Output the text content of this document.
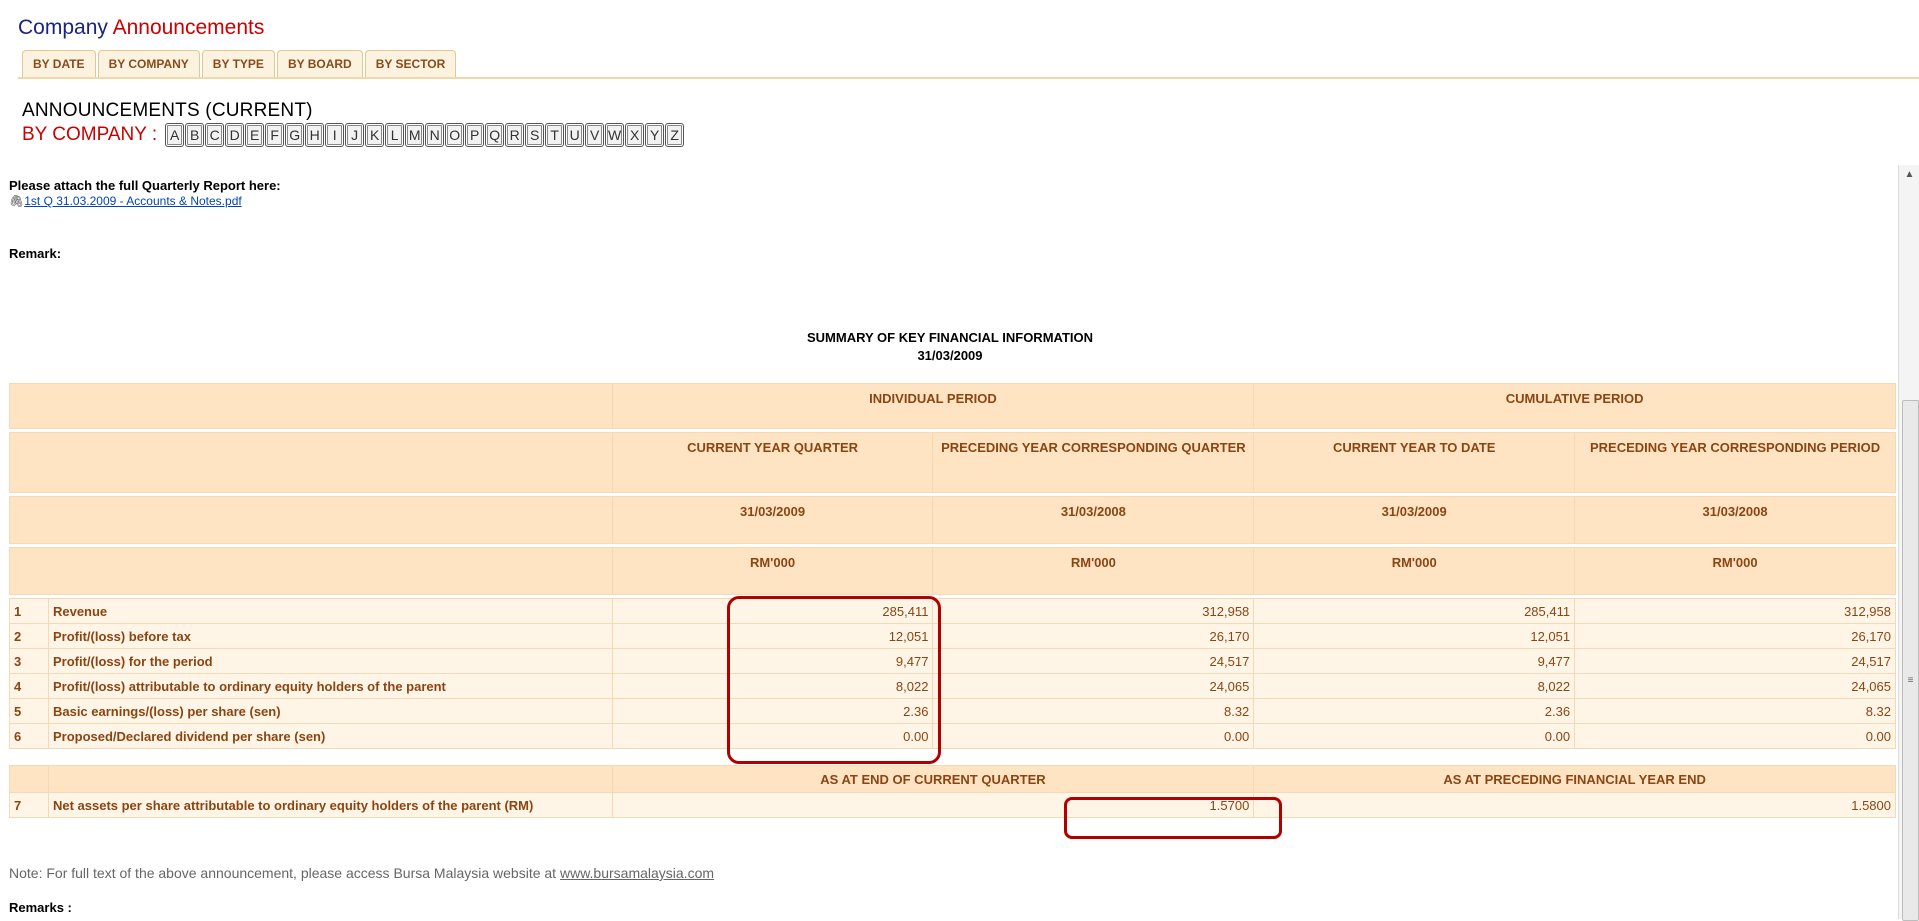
Company Announcements
BY DATE	BY COMPANY	BY TYPE	BY BOARD	BY SECTOR
ANNOUNCEMENTS (CURRENT)
BY COMPANY : A B C D E F G H I	J K L M N O P Q R S T U V W X Y Z
▲
≡
Please attach the full Quarterly Report here:
🖇1st Q 31.03.2009 - Accounts & Notes.pdf
Remark:
SUMMARY OF KEY FINANCIAL INFORMATION
31/03/2009
		INDIVIDUAL PERIOD		CUMULATIVE PERIOD	

		CURRENT YEAR QUARTER	PRECEDING YEAR CORRESPONDING QUARTER	CURRENT YEAR TO DATE	PRECEDING YEAR CORRESPONDING PERIOD

		31/03/2009	31/03/2008	31/03/2009	31/03/2008

		RM'000	RM'000	RM'000	RM'000

1	Revenue	285,411	312,958	285,411	312,958
2	Profit/(loss) before tax	12,051	26,170	12,051	26,170
3	Profit/(loss) for the period	9,477	24,517	9,477	24,517
4	Profit/(loss) attributable to ordinary equity holders of the parent	8,022	24,065	8,022	24,065
5	Basic earnings/(loss) per share (sen)	2.36	8.32	2.36	8.32
6	Proposed/Declared dividend per share (sen)	0.00	0.00	0.00	0.00

		AS AT END OF CURRENT QUARTER		AS AT PRECEDING FINANCIAL YEAR END	
7	Net assets per share attributable to ordinary equity holders of the parent (RM)	1.5700		1.5800	
Note: For full text of the above announcement, please access Bursa Malaysia website at www.bursamalaysia.com
Remarks :
